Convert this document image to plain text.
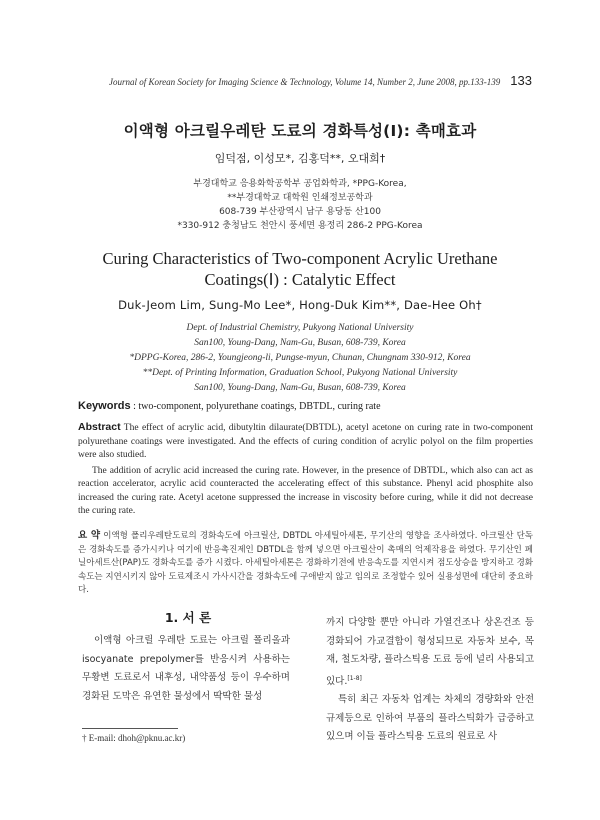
Journal of Korean Society for Imaging Science & Technology, Volume 14, Number 2, June 2008, pp.133-139 133
이액형 아크릴우레탄 도료의 경화특성(I): 촉매효과
임덕점, 이성모*, 김홍덕**, 오대희†
부경대학교 응용화학공학부 공업화학과, *PPG-Korea,
**부경대학교 대학원 인쇄정보공학과
608-739 부산광역시 남구 용당동 산100
*330-912 충청남도 천안시 풍세면 용정리 286-2 PPG-Korea
Curing Characteristics of Two-component Acrylic Urethane
Coatings(Ⅰ) : Catalytic Effect
Duk-Jeom Lim, Sung-Mo Lee*, Hong-Duk Kim**, Dae-Hee Oh†
Dept. of Industrial Chemistry, Pukyong National University
San100, Young-Dang, Nam-Gu, Busan, 608-739, Korea
*DPPG-Korea, 286-2, Youngjeong-li, Pungse-myun, Chunan, Chungnam 330-912, Korea
**Dept. of Printing Information, Graduation School, Pukyong National University
San100, Young-Dang, Nam-Gu, Busan, 608-739, Korea
Keywords : two-component, polyurethane coatings, DBTDL, curing rate

Abstract The effect of acrylic acid, dibutyltin dilaurate(DBTDL), acetyl acetone on curing rate in two-component polyurethane coatings were investigated. And the effects of curing condition of acrylic polyol on the film properties were also studied.

The addition of acrylic acid increased the curing rate. However, in the presence of DBTDL, which also can act as reaction accelerator, acrylic acid counteracted the accelerating effect of this substance. Phenyl acid phosphite also increased the curing rate. Acetyl acetone suppressed the increase in viscosity before curing, while it did not decrease the curing rate.

요 약 이액형 폴리우레탄도료의 경화속도에 아크릴산, DBTDL 아세틸아세톤, 무기산의 영향을 조사하였다. 아크릴산 단독은 경화속도를 증가시키나 여기에 반응촉진제인 DBTDL을 함께 넣으면 아크릴산이 촉매의 억제작용을 하였다. 무기산인 페닐아세트산(PAP)도 경화속도를 증가 시켰다. 아세틸아세톤은 경화하기전에 반응속도를 지연시켜 점도상승을 방지하고 경화속도는 지연시키지 않아 도료제조시 가사시간을 경화속도에 구애받지 않고 임의로 조정할수 있어 실용성면에 대단히 중요하다.
1. 서 론

이액형 아크릴 우레탄 도료는 아크릴 폴리올과 isocyanate prepolymer를 반응시켜 사용하는 무황변 도료로서 내후성, 내약품성 등이 우수하며 경화된 도막은 유연한 물성에서 딱딱한 물성

까지 다양할 뿐만 아니라 가열건조나 상온건조 등 경화되어 가교결합이 형성되므로 자동차 보수, 목재, 철도차량, 플라스틱용 도료 등에 널리 사용되고 있다.[1-8]

특히 최근 자동차 업계는 차체의 경량화와 안전규제등으로 인하여 부품의 플라스틱화가 급증하고 있으며 이들 플라스틱용 도료의 원료로 사

† E-mail: dhoh@pknu.ac.kr)
